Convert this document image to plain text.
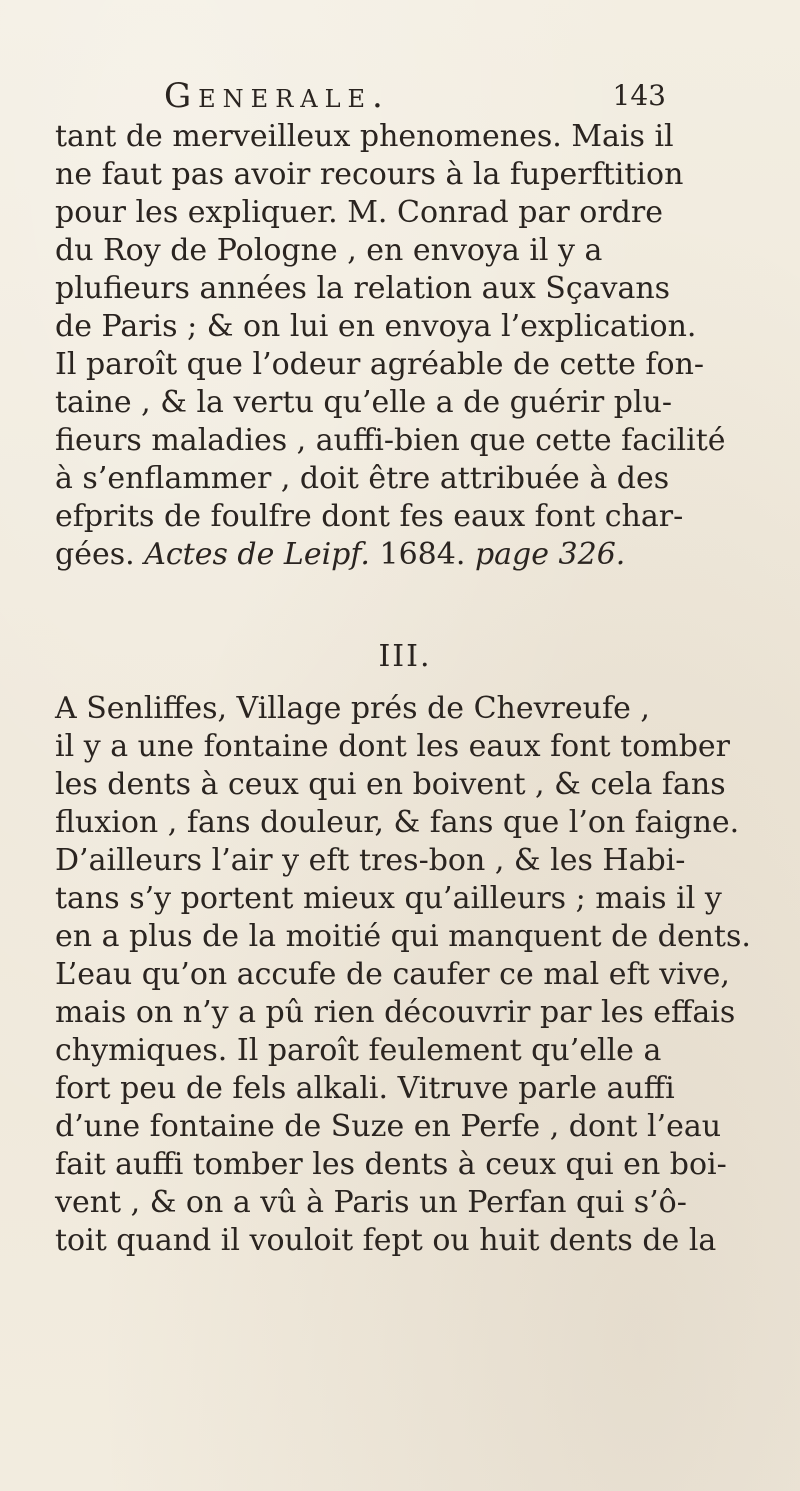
Generale.	143
tant de merveilleux phenomenes. Mais il
ne faut pas avoir recours à la fuperftition
pour les expliquer. M. Conrad par ordre
du Roy de Pologne , en envoya il y a
plufieurs années la relation aux Sçavans
de Paris ; & on lui en envoya l’explication.
Il paroît que l’odeur agréable de cette fon-
taine , & la vertu qu’elle a de guérir plu-
fieurs maladies , auffi-bien que cette facilité
à s’enflammer , doit être attribuée à des
efprits de foulfre dont fes eaux font char-
gées. Actes de Leipf. 1684. page 326.
III.
A Senliffes, Village prés de Chevreufe ,
il y a une fontaine dont les eaux font tomber
les dents à ceux qui en boivent , & cela fans
fluxion , fans douleur, & fans que l’on faigne.
D’ailleurs l’air y eft tres-bon , & les Habi-
tans s’y portent mieux qu’ailleurs ; mais il y
en a plus de la moitié qui manquent de dents.
L’eau qu’on accufe de caufer ce mal eft vive,
mais on n’y a pû rien découvrir par les effais
chymiques. Il paroît feulement qu’elle a
fort peu de fels alkali. Vitruve parle auffi
d’une fontaine de Suze en Perfe , dont l’eau
fait auffi tomber les dents à ceux qui en boi-
vent , & on a vû à Paris un Perfan qui s’ô-
toit quand il vouloit fept ou huit dents de la
